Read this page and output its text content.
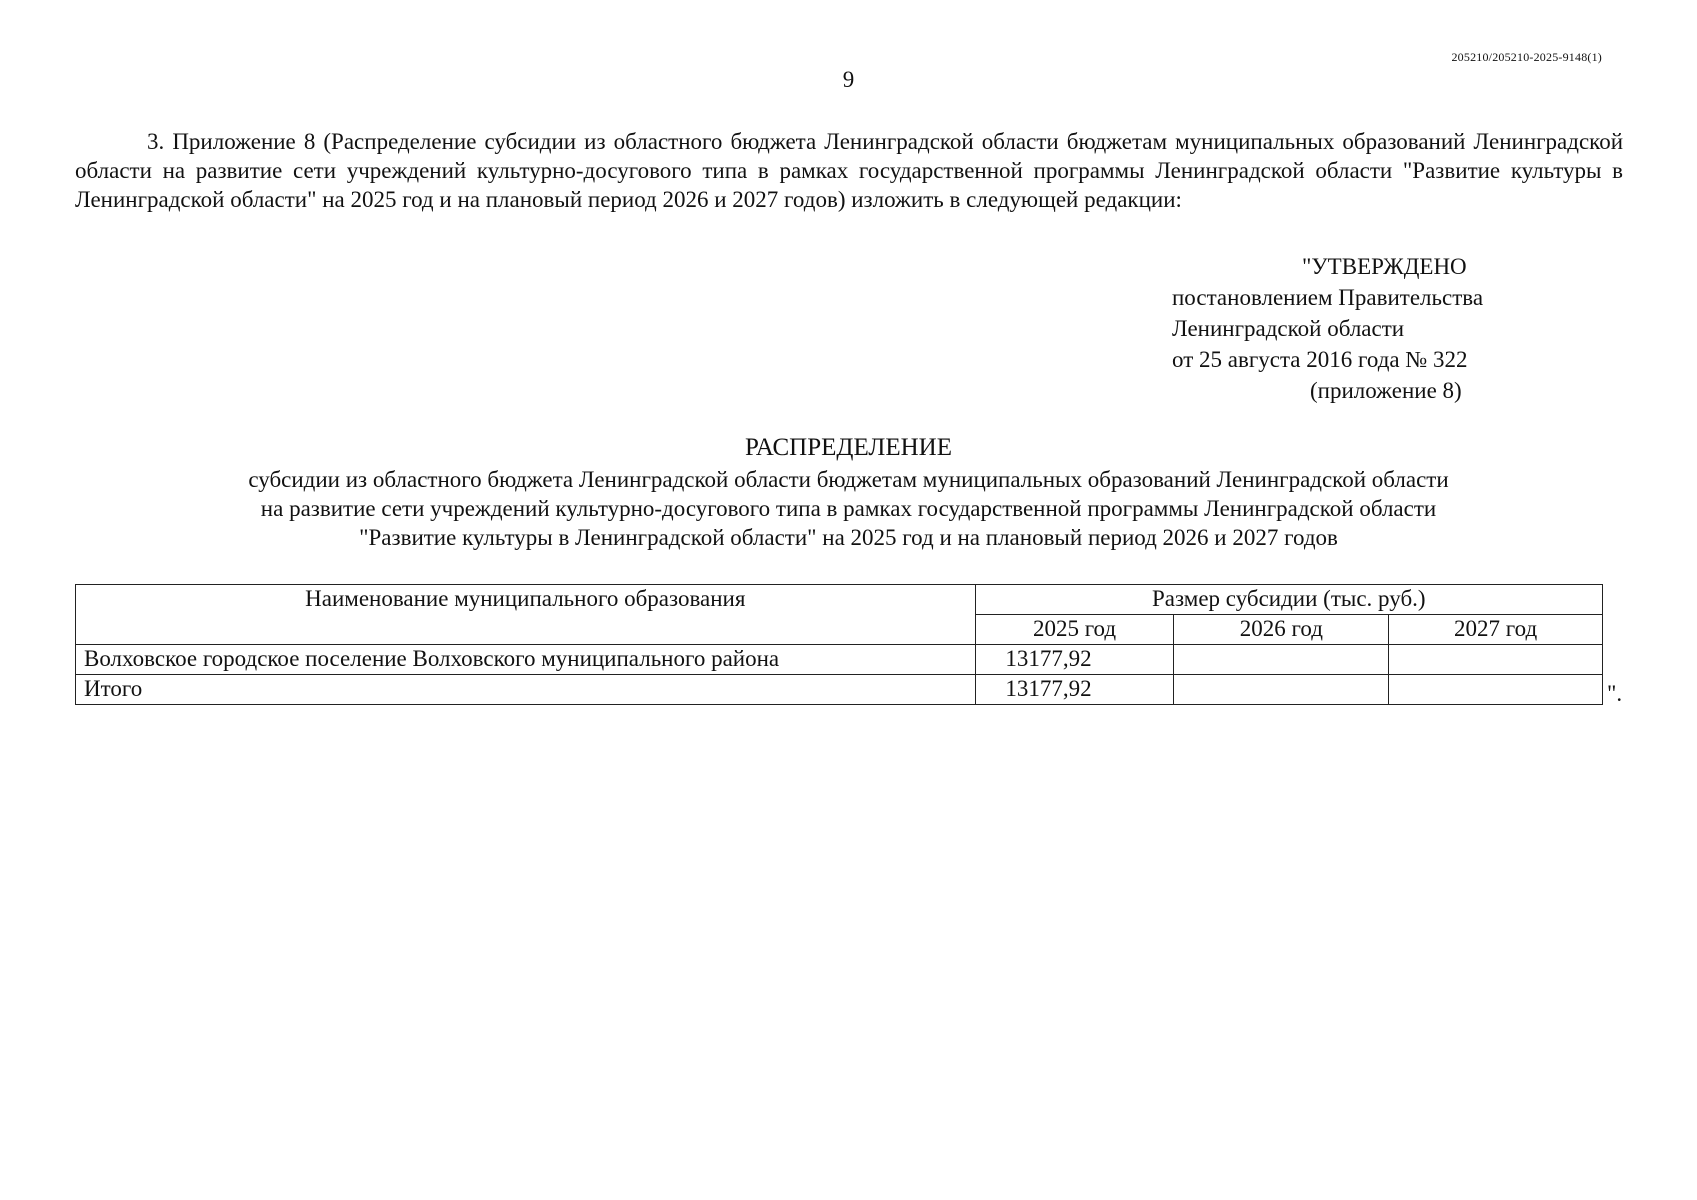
205210/205210-2025-9148(1)
9

3. Приложение 8 (Распределение субсидии из областного бюджета Ленинградской области бюджетам муниципальных образований Ленинградской области на развитие сети учреждений культурно-досугового типа в рамках государственной программы Ленинградской области "Развитие культуры в Ленинградской области" на 2025 год и на плановый период 2026 и 2027 годов) изложить в следующей редакции:

"УТВЕРЖДЕНО
постановлением Правительства
Ленинградской области
от 25 августа 2016 года № 322
(приложение 8)
РАСПРЕДЕЛЕНИЕ
субсидии из областного бюджета Ленинградской области бюджетам муниципальных образований Ленинградской области
на развитие сети учреждений культурно-досугового типа в рамках государственной программы Ленинградской области
"Развитие культуры в Ленинградской области" на 2025 год и на плановый период 2026 и 2027 годов
Наименование муниципального образования	Размер субсидии (тыс. руб.)		
	2025 год	2026 год	2027 год
Волховское городское поселение Волховского муниципального района	13177,92		
Итого	13177,92			".
